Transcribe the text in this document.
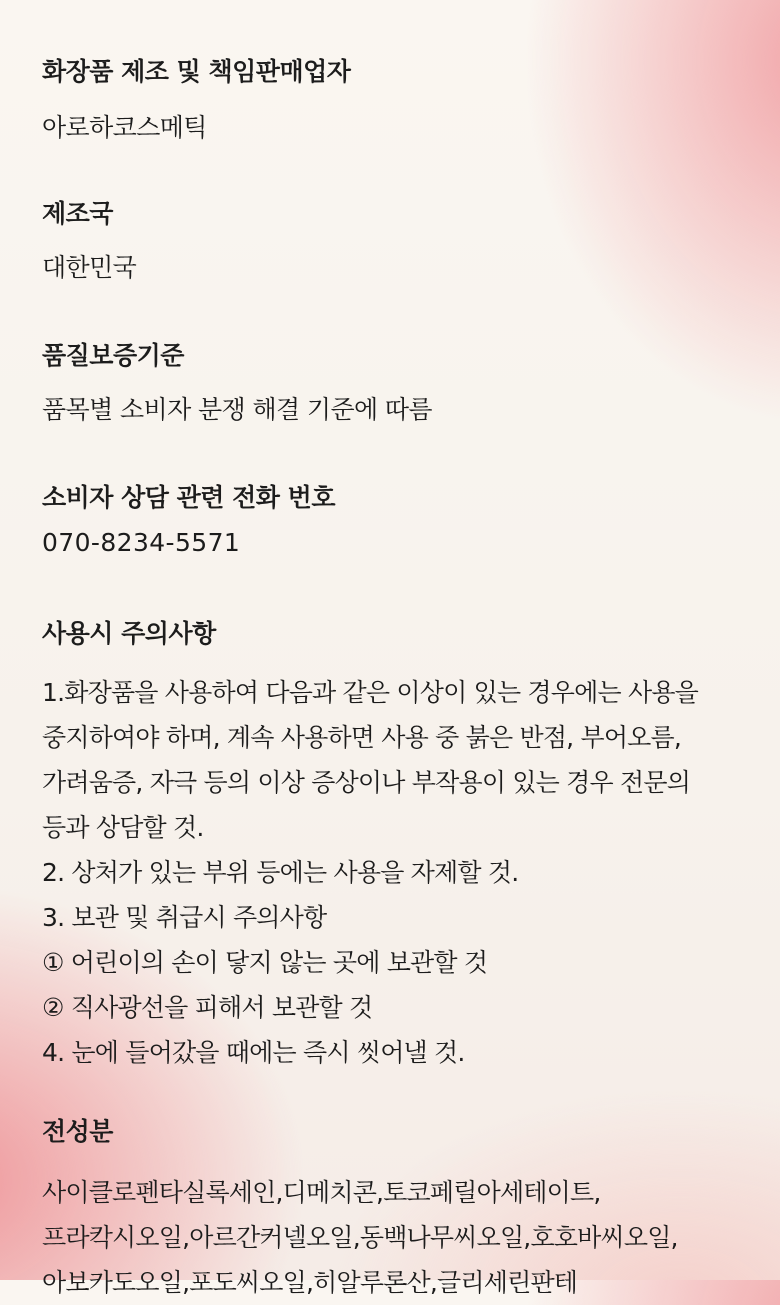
화장품 제조 및 책임판매업자
아로하코스메틱
제조국
대한민국
품질보증기준
품목별 소비자 분쟁 해결 기준에 따름
소비자 상담 관련 전화 번호
070-8234-5571
사용시 주의사항
1.화장품을 사용하여 다음과 같은 이상이 있는 경우에는 사용을
중지하여야 하며, 계속 사용하면 사용 중 붉은 반점, 부어오름,
가려움증, 자극 등의 이상 증상이나 부작용이 있는 경우 전문의
등과 상담할 것.
2. 상처가 있는 부위 등에는 사용을 자제할 것.
3. 보관 및 취급시 주의사항
① 어린이의 손이 닿지 않는 곳에 보관할 것
② 직사광선을 피해서 보관할 것
4. 눈에 들어갔을 때에는 즉시 씻어낼 것.
전성분
사이클로펜타실록세인,디메치콘,토코페릴아세테이트,
프라칵시오일,아르간커넬오일,동백나무씨오일,호호바씨오일,
아보카도오일,포도씨오일,히알루론산,글리세린판테
